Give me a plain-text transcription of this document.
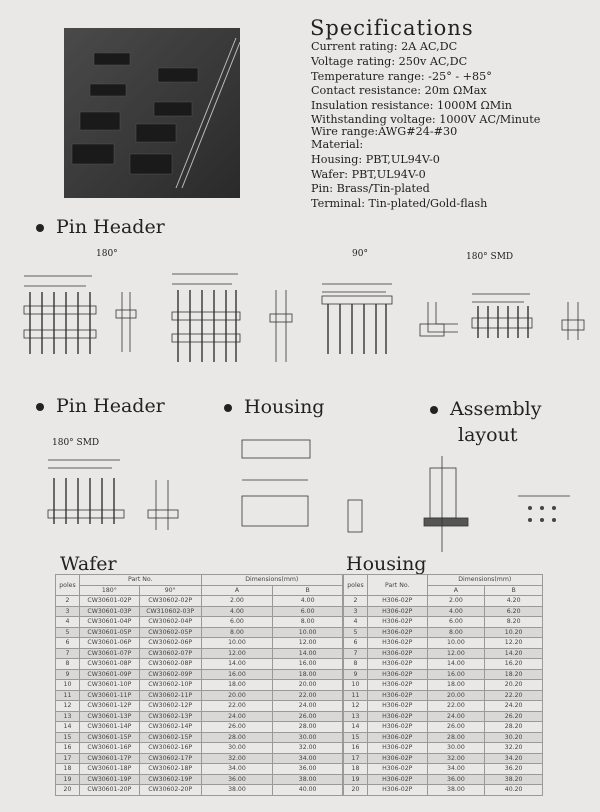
Specifications
Current rating: 2A AC,DC
Voltage rating: 250v AC,DC
Temperature range: -25° - +85°
Contact resistance: 20m ΩMax
Insulation resistance: 1000M ΩMin
Withstanding voltage: 1000V AC/Minute
Wire range:AWG#24-#30
Material:
Housing: PBT,UL94V-0
Wafer: PBT,UL94V-0
Pin: Brass/Tin-plated
Terminal: Tin-plated/Gold-flash
Pin Header
180°	90°	180° SMD
Pin Header	Housing	Assembly
layout
180° SMD
Wafer	Housing
poles	Part No.		Dimensions(mm)	
	180°	90°	A	B
2	CW30601-02P	CW30602-02P	2.00	4.00
3	CW30601-03P	CW310602-03P	4.00	6.00
4	CW30601-04P	CW30602-04P	6.00	8.00
5	CW30601-05P	CW30602-05P	8.00	10.00
6	CW30601-06P	CW30602-06P	10.00	12.00
7	CW30601-07P	CW30602-07P	12.00	14.00
8	CW30601-08P	CW30602-08P	14.00	16.00
9	CW30601-09P	CW30602-09P	16.00	18.00
10	CW30601-10P	CW30602-10P	18.00	20.00
11	CW30601-11P	CW30602-11P	20.00	22.00
12	CW30601-12P	CW30602-12P	22.00	24.00
13	CW30601-13P	CW30602-13P	24.00	26.00
14	CW30601-14P	CW30602-14P	26.00	28.00
15	CW30601-15P	CW30602-15P	28.00	30.00
16	CW30601-16P	CW30602-16P	30.00	32.00
17	CW30601-17P	CW30602-17P	32.00	34.00
18	CW30601-18P	CW30602-18P	34.00	36.00
19	CW30601-19P	CW30602-19P	36.00	38.00
20	CW30601-20P	CW30602-20P	38.00	40.00
poles	Part No.	Dimensions(mm)	
		A	B
2	H306-02P	2.00	4.20
3	H306-02P	4.00	6.20
4	H306-02P	6.00	8.20
5	H306-02P	8.00	10.20
6	H306-02P	10.00	12.20
7	H306-02P	12.00	14.20
8	H306-02P	14.00	16.20
9	H306-02P	16.00	18.20
10	H306-02P	18.00	20.20
11	H306-02P	20.00	22.20
12	H306-02P	22.00	24.20
13	H306-02P	24.00	26.20
14	H306-02P	26.00	28.20
15	H306-02P	28.00	30.20
16	H306-02P	30.00	32.20
17	H306-02P	32.00	34.20
18	H306-02P	34.00	36.20
19	H306-02P	36.00	38.20
20	H306-02P	38.00	40.20
